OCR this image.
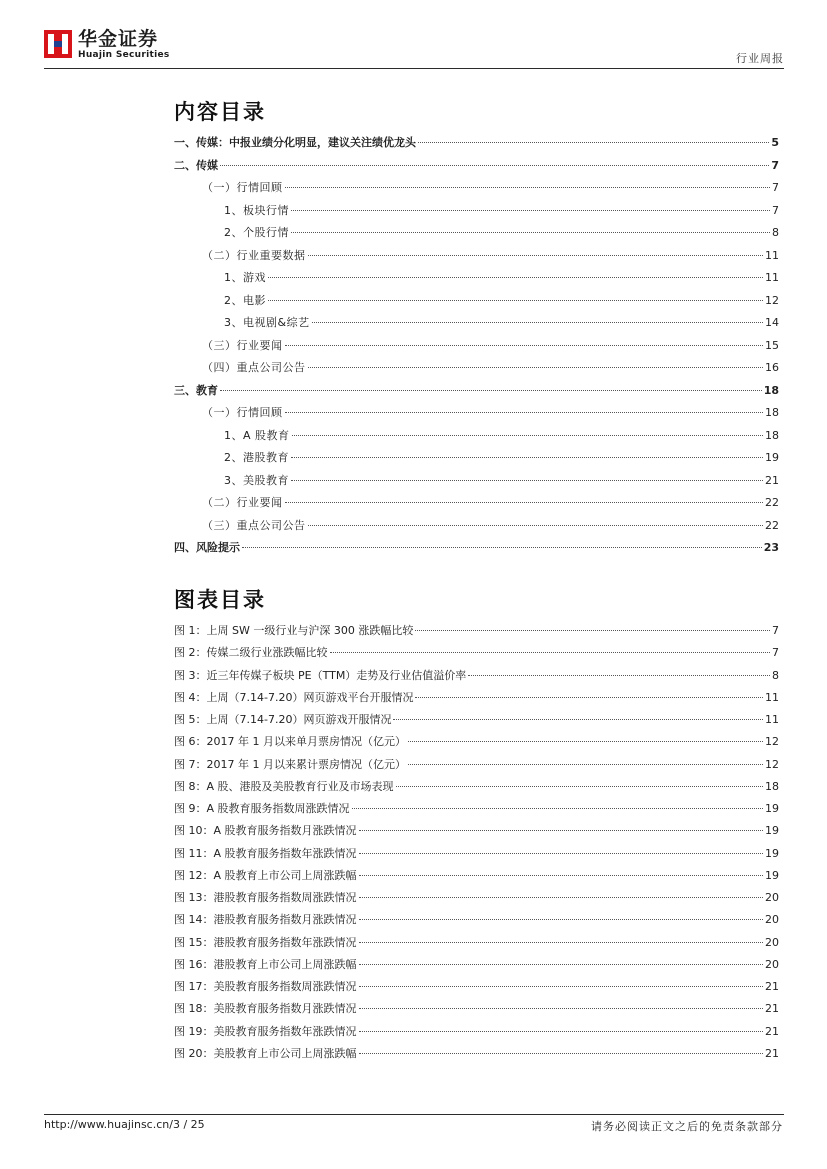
华金证券
Huajin Securities	行业周报
内容目录
一、传媒：中报业绩分化明显，建议关注绩优龙头	5
二、传媒	7
（一）行情回顾	7
1、板块行情	7
2、个股行情	8
（二）行业重要数据	11
1、游戏	11
2、电影	12
3、电视剧&综艺	14
（三）行业要闻	15
（四）重点公司公告	16
三、教育	18
（一）行情回顾	18
1、A 股教育	18
2、港股教育	19
3、美股教育	21
（二）行业要闻	22
（三）重点公司公告	22
四、风险提示	23
图表目录
图 1：上周 SW 一级行业与沪深 300 涨跌幅比较	7
图 2：传媒二级行业涨跌幅比较	7
图 3：近三年传媒子板块 PE（TTM）走势及行业估值溢价率	8
图 4：上周（7.14-7.20）网页游戏平台开服情况	11
图 5：上周（7.14-7.20）网页游戏开服情况	11
图 6：2017 年 1 月以来单月票房情况（亿元）	12
图 7：2017 年 1 月以来累计票房情况（亿元）	12
图 8：A 股、港股及美股教育行业及市场表现	18
图 9：A 股教育服务指数周涨跌情况	19
图 10：A 股教育服务指数月涨跌情况	19
图 11：A 股教育服务指数年涨跌情况	19
图 12：A 股教育上市公司上周涨跌幅	19
图 13：港股教育服务指数周涨跌情况	20
图 14：港股教育服务指数月涨跌情况	20
图 15：港股教育服务指数年涨跌情况	20
图 16：港股教育上市公司上周涨跌幅	20
图 17：美股教育服务指数周涨跌情况	21
图 18：美股教育服务指数月涨跌情况	21
图 19：美股教育服务指数年涨跌情况	21
图 20：美股教育上市公司上周涨跌幅	21
http://www.huajinsc.cn/3 / 25	请务必阅读正文之后的免责条款部分
